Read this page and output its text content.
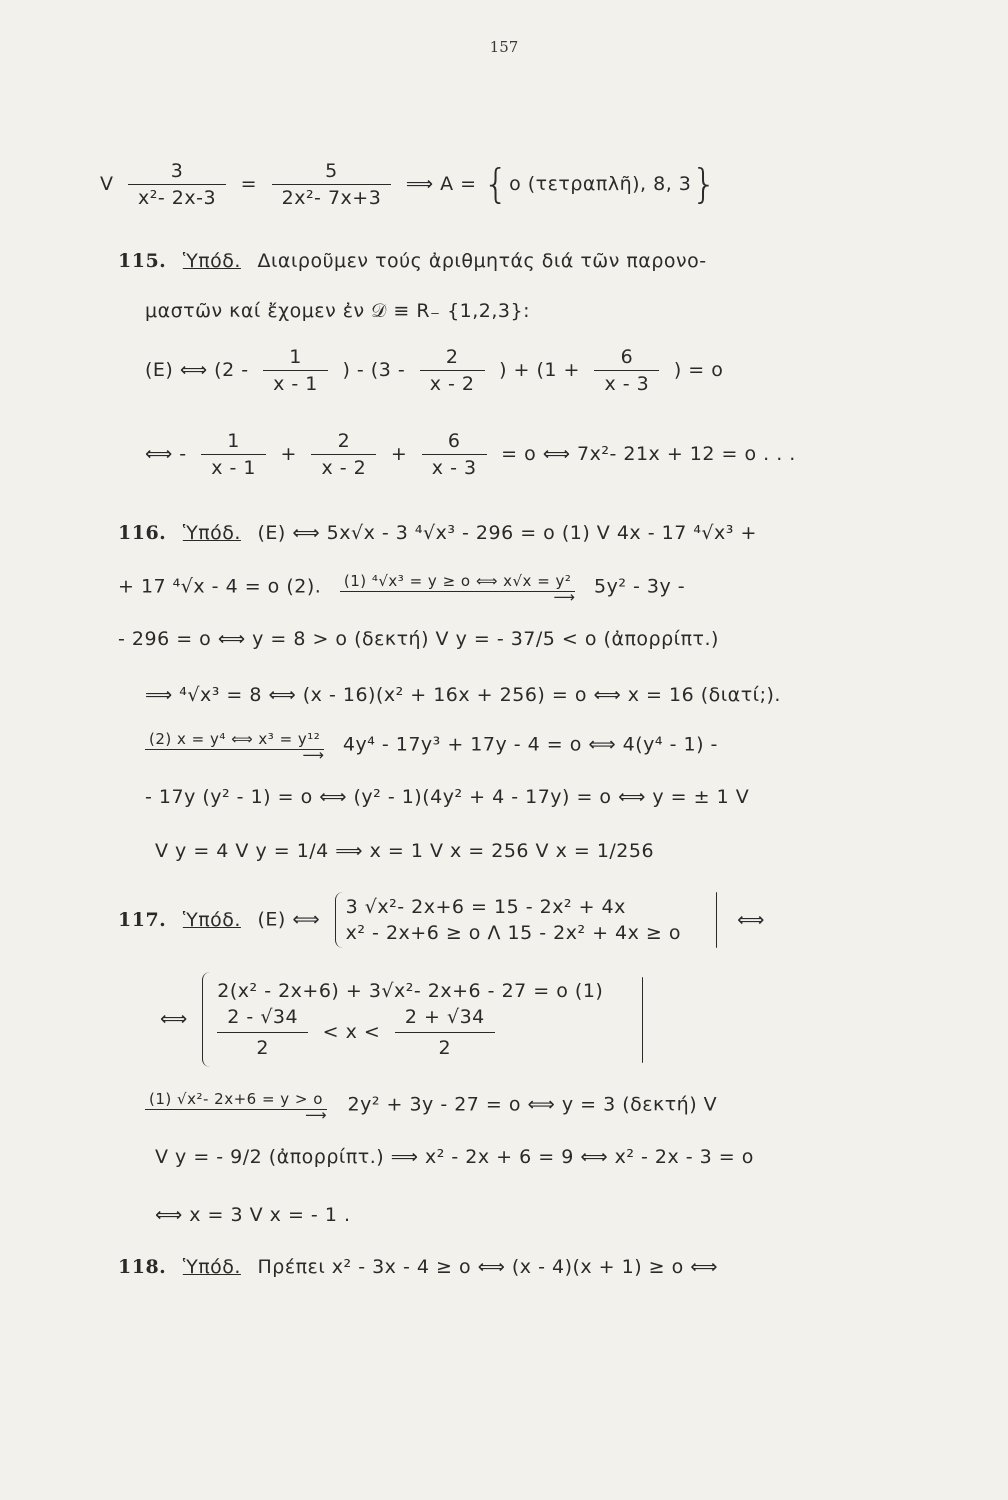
157
V $\frac{3}{\text{x²- 2x-3}} = \frac{5}{\text{2x²- 7x+3}}$ ⟹ A = {o (τετραπλῆ), 8, 3}
115. Ὑπόδ. Διαιροῦμεν τούς ἀριθμητάς διά τῶν παρονο-
μαστῶν καί ἔχομεν ἐν 𝒟 ≡ R₋ {1,2,3}:
(E) ⟺ ($2 - \frac{1}{x - 1}$ ) - ($3 - \frac{2}{x - 2}$ ) + ($1 + \frac{6}{x - 3}$ ) = o
⟺ - $\frac{1}{x - 1} + \frac{2}{x - 2} + \frac{6}{x - 3} = o$ ⟺ 7x²- 21x + 12 = o . . .
116. Ὑπόδ. (E) ⟺ 5x√x - 3 ⁴√x³ - 296 = o (1) V 4x - 17 ⁴√x³ +
+ 17 ⁴√x - 4 = o (2). (1) ⁴√x³ = y ≥ o ⟺ x√x = y²
⟶ 5y² - 3y -
- 296 = o ⟺ y = 8 > o (δεκτή) V y = - 37/5 < o (ἀπορρίπτ.)
⟹ ⁴√x³ = 8 ⟺ (x - 16)(x² + 16x + 256) = o ⟺ x = 16 (διατί;).
(2) x = y⁴ ⟺ x³ = y¹²
⟶ 4y⁴ - 17y³ + 17y - 4 = o ⟺ 4(y⁴ - 1) -
- 17y (y² - 1) = o ⟺ (y² - 1)(4y² + 4 - 17y) = o ⟺ y = ± 1 V
V y = 4 V y = 1/4 ⟹ x = 1 V x = 256 V x = 1/256
117. Ὑπόδ. (E) ⟺
3 √x²- 2x+6 = 15 - 2x² + 4x
x² - 2x+6 ≥ o Λ 15 - 2x² + 4x ≥ o
⟺
⟺
2(x² - 2x+6) + 3√x²- 2x+6 - 27 = o (1)
$\frac{2 - √34}{2} < x < \frac{2 + √34}{2}$

(1) √x²- 2x+6 = y > o
⟶ 2y² + 3y - 27 = o ⟺ y = 3 (δεκτή) V
V y = - 9/2 (ἀπορρίπτ.) ⟹ x² - 2x + 6 = 9 ⟺ x² - 2x - 3 = o
⟺ x = 3 V x = - 1 .
118. Ὑπόδ. Πρέπει x² - 3x - 4 ≥ o ⟺ (x - 4)(x + 1) ≥ o ⟺
